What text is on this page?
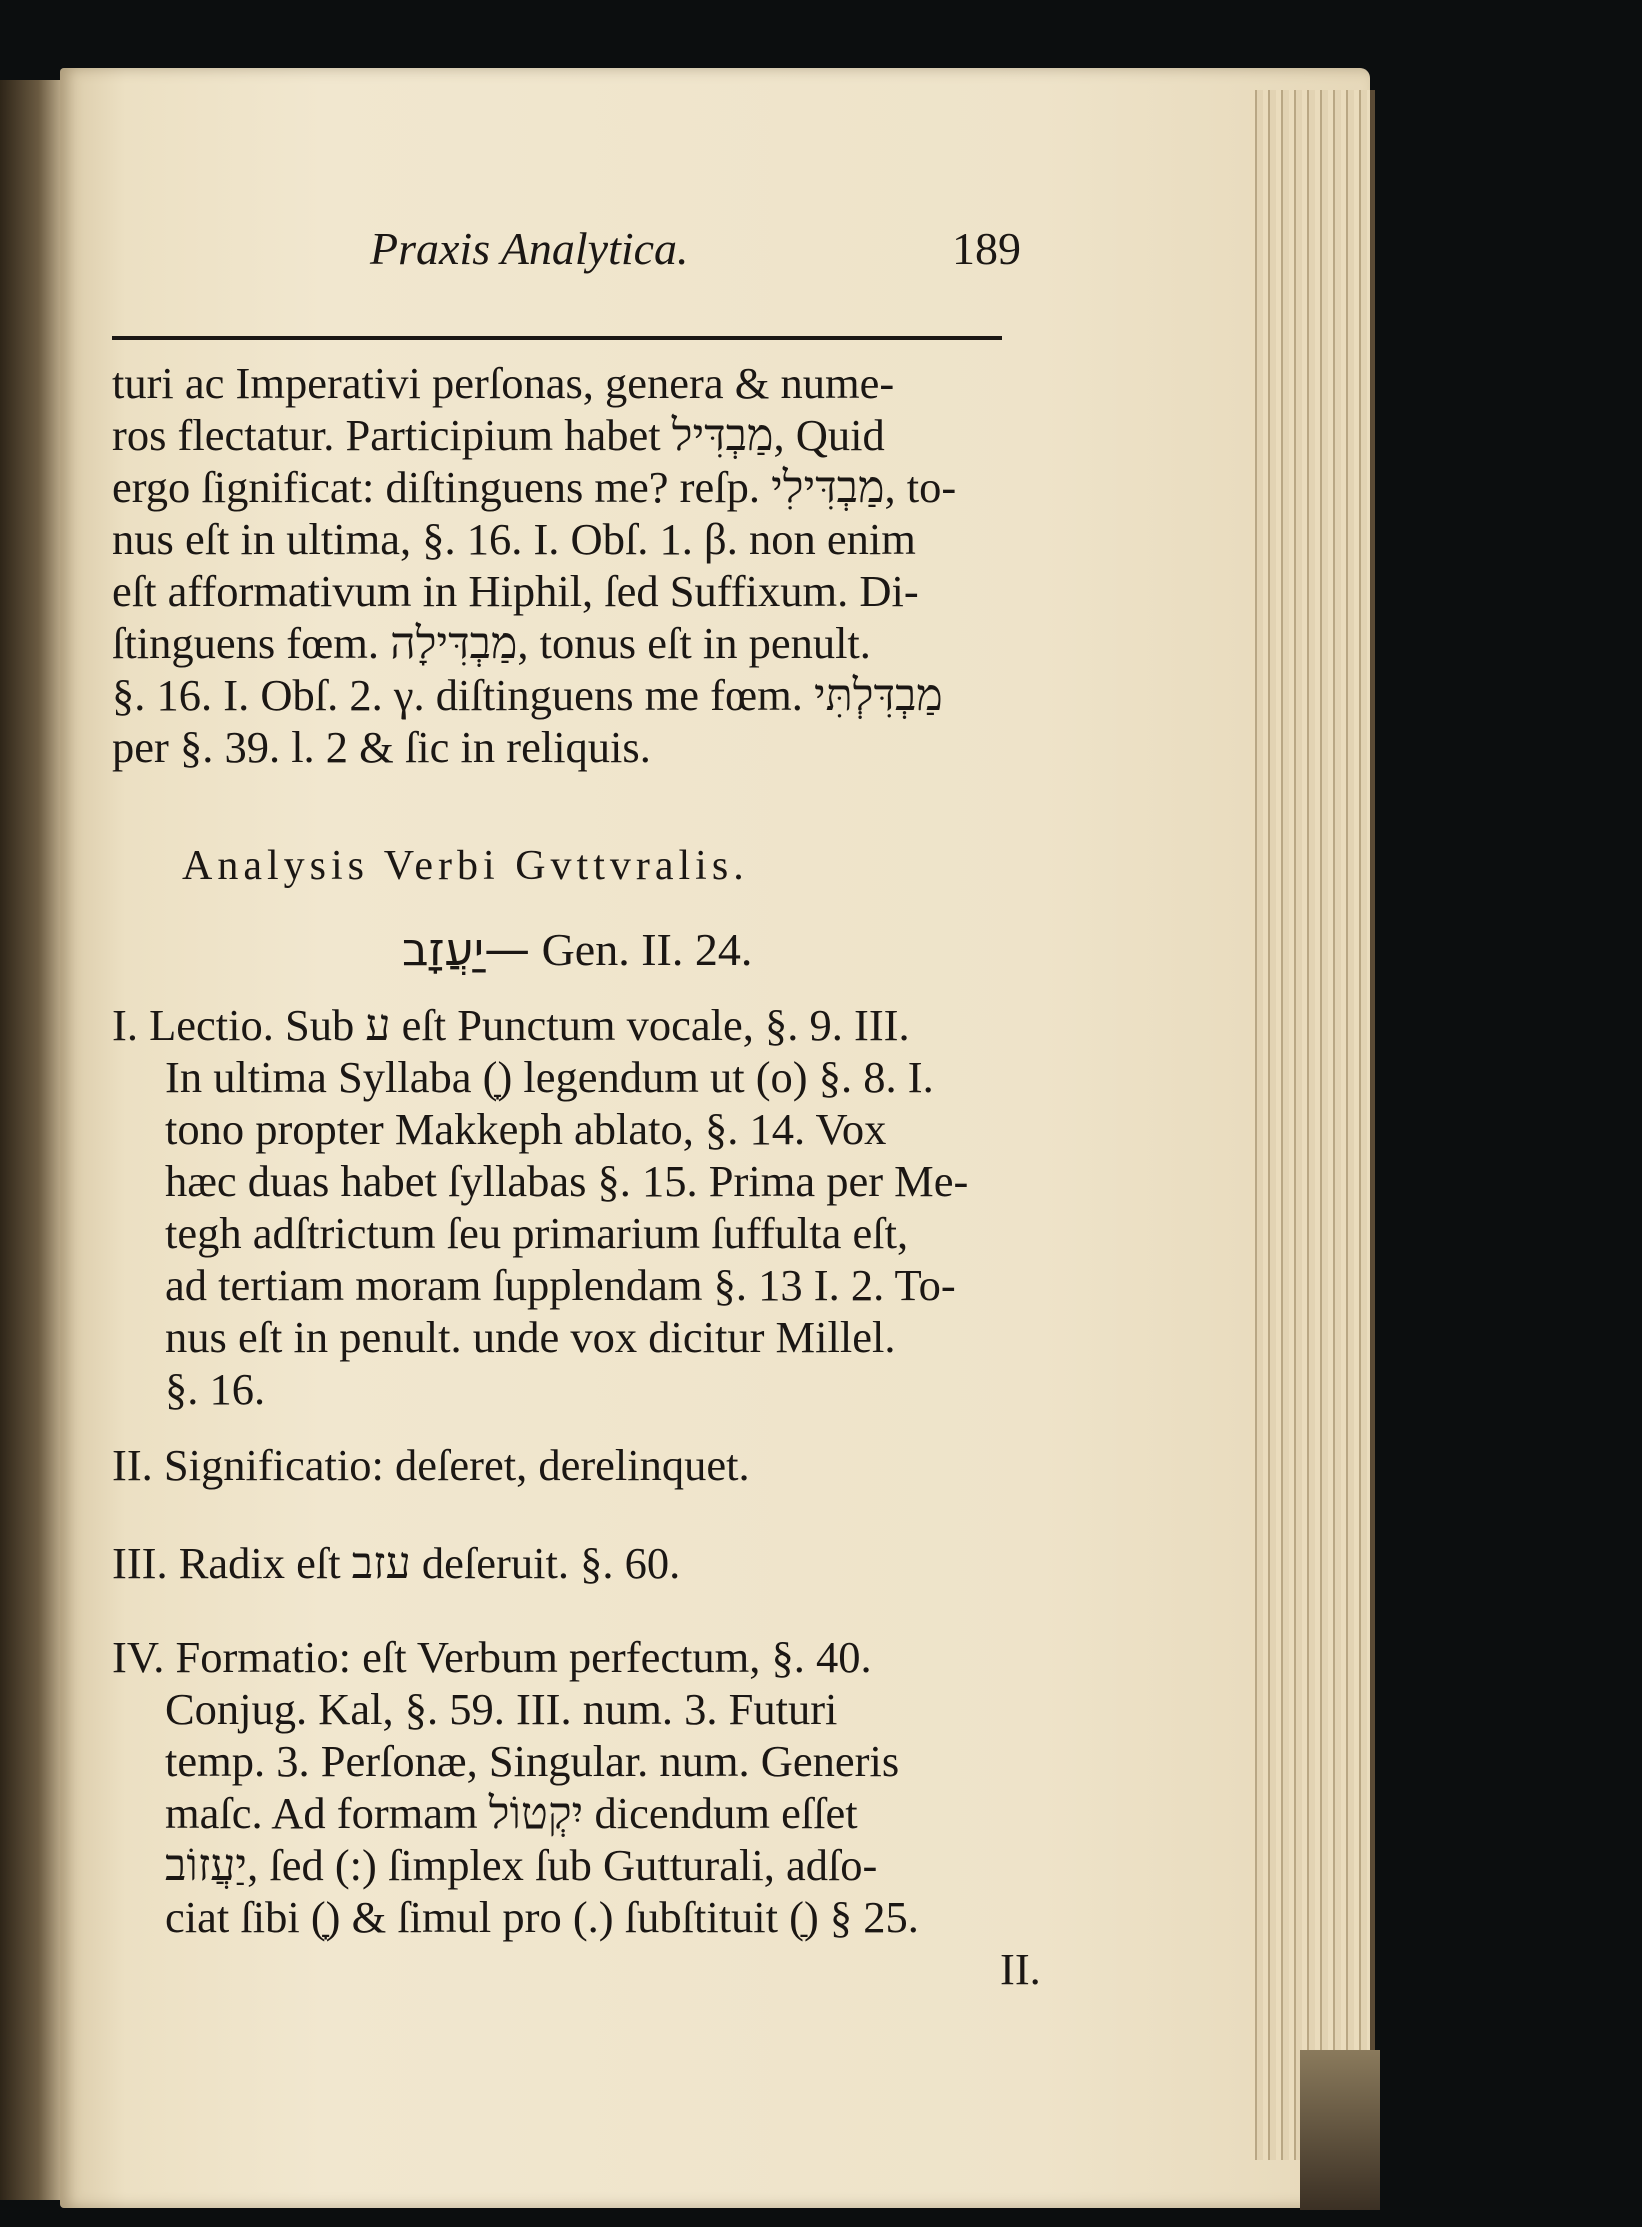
Praxis Analytica.	189
turi ac Imperativi perſonas, genera & nume-
ros flectatur. Participium habet מַבְדִּיל, Quid
ergo ſignificat: diſtinguens me? reſp. מַבְדִּילִי, to-
nus eſt in ultima, §. 16. I. Obſ. 1. β. non enim
eſt afformativum in Hiphil, ſed Suffixum. Di-
ſtinguens fœm. מַבְדִּילָה, tonus eſt in penult.
§. 16. I. Obſ. 2. γ. diſtinguens me fœm. מַבְדִּלְתִּי
per §. 39. l. 2 & ſic in reliquis.
Analysis Verbi Gvttvralis.
יַעֲזָב— Gen. II. 24.
I. Lectio. Sub ע eſt Punctum vocale, §. 9. III.
In ultima Syllaba (ָ) legendum ut (o) §. 8. I.
tono propter Makkeph ablato, §. 14. Vox
hæc duas habet ſyllabas §. 15. Prima per Me-
tegh adſtrictum ſeu primarium ſuffulta eſt,
ad tertiam moram ſupplendam §. 13 I. 2. To-
nus eſt in penult. unde vox dicitur Millel.
§. 16.
II. Significatio: deſeret, derelinquet.
III. Radix eſt עזב deſeruit. §. 60.
IV. Formatio: eſt Verbum perfectum, §. 40.
Conjug. Kal, §. 59. III. num. 3. Futuri
temp. 3. Perſonæ, Singular. num. Generis
maſc. Ad formam יִקְטוֹל dicendum eſſet
יַעֲזוֹב, ſed (:) ſimplex ſub Gutturali, adſo-
ciat ſibi (ָ) & ſimul pro (.) ſubſtituit (ַ) § 25.
II.
